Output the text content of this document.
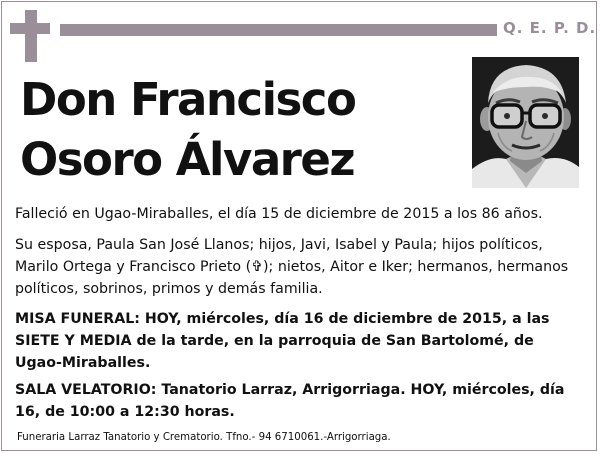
Q. E. P. D.
Don Francisco
Osoro Álvarez

Falleció en Ugao-Miraballes, el día 15 de diciembre de 2015 a los 86 años.

Su esposa, Paula San José Llanos; hijos, Javi, Isabel y Paula; hijos políticos, Marilo Ortega y Francisco Prieto (✞); nietos, Aitor e Iker; hermanos, hermanos políticos, sobrinos, primos y demás familia.

MISA FUNERAL: HOY, miércoles, día 16 de diciembre de 2015, a las SIETE Y MEDIA de la tarde, en la parroquia de San Bartolomé, de Ugao-Miraballes.

SALA VELATORIO: Tanatorio Larraz, Arrigorriaga. HOY, miércoles, día 16, de 10:00 a 12:30 horas.

Funeraria Larraz Tanatorio y Crematorio. Tfno.- 94 6710061.-Arrigorriaga.
